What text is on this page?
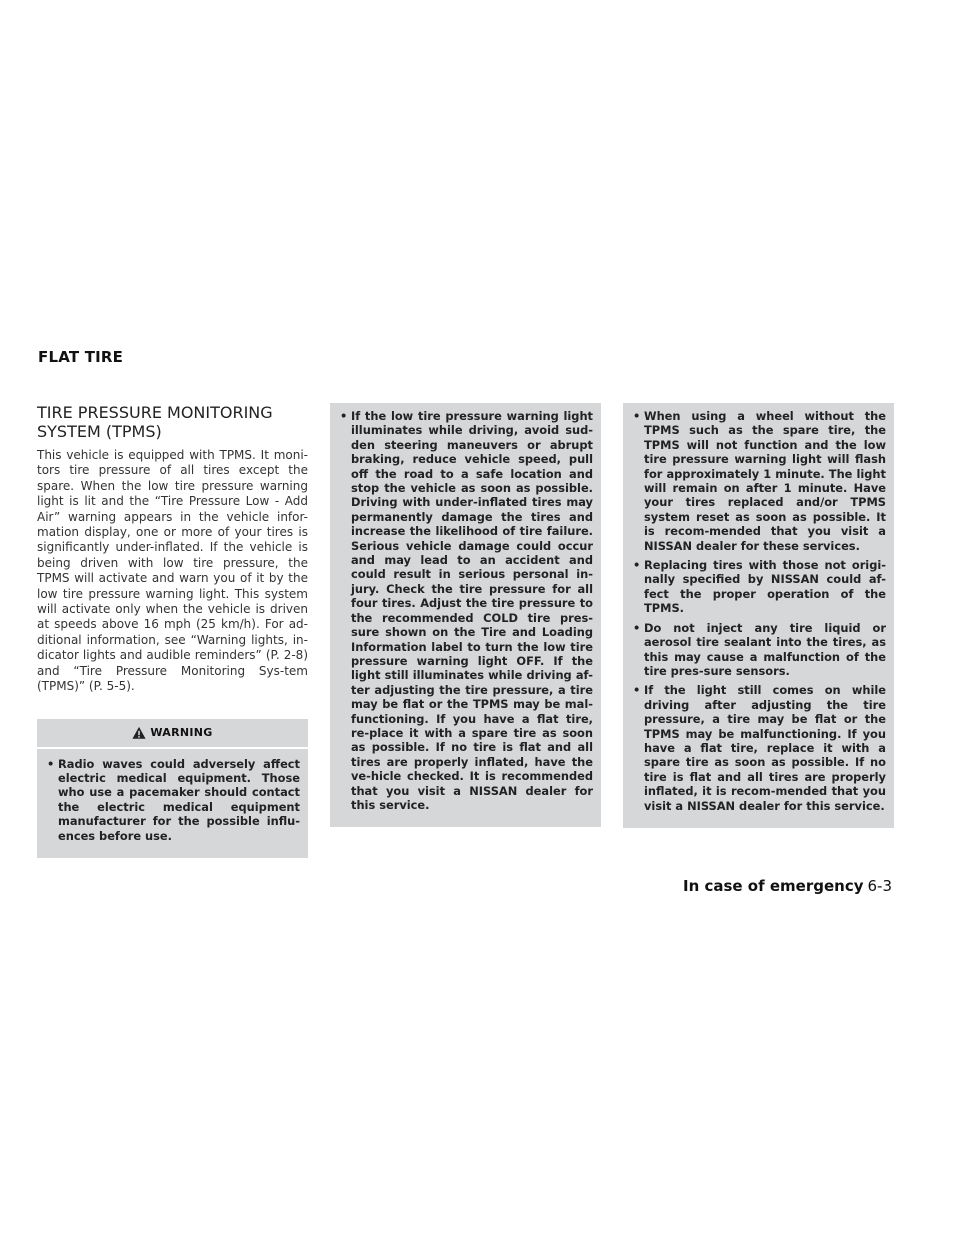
FLAT TIRE
TIRE PRESSURE MONITORING SYSTEM (TPMS)

This vehicle is equipped with TPMS. It moni-tors tire pressure of all tires except the spare. When the low tire pressure warning light is lit and the “Tire Pressure Low - Add Air” warning appears in the vehicle infor-mation display, one or more of your tires is significantly under-inflated. If the vehicle is being driven with low tire pressure, the TPMS will activate and warn you of it by the low tire pressure warning light. This system will activate only when the vehicle is driven at speeds above 16 mph (25 km/h). For ad-ditional information, see “Warning lights, in-dicator lights and audible reminders” (P. 2-8) and “Tire Pressure Monitoring Sys-tem (TPMS)” (P. 5-5).

WARNING
• Radio waves could adversely affect electric medical equipment. Those who use a pacemaker should contact the electric medical equipment manufacturer for the possible influ-ences before use.
• If the low tire pressure warning light illuminates while driving, avoid sud-den steering maneuvers or abrupt braking, reduce vehicle speed, pull off the road to a safe location and stop the vehicle as soon as possible. Driving with under-inflated tires may permanently damage the tires and increase the likelihood of tire failure. Serious vehicle damage could occur and may lead to an accident and could result in serious personal in-jury. Check the tire pressure for all four tires. Adjust the tire pressure to the recommended COLD tire pres-sure shown on the Tire and Loading Information label to turn the low tire pressure warning light OFF. If the light still illuminates while driving af-ter adjusting the tire pressure, a tire may be flat or the TPMS may be mal-functioning. If you have a flat tire, re-place it with a spare tire as soon as possible. If no tire is flat and all tires are properly inflated, have the ve-hicle checked. It is recommended that you visit a NISSAN dealer for this service.
• When using a wheel without the TPMS such as the spare tire, the TPMS will not function and the low tire pressure warning light will flash for approximately 1 minute. The light will remain on after 1 minute. Have your tires replaced and/or TPMS system reset as soon as possible. It is recom-mended that you visit a NISSAN dealer for these services.
• Replacing tires with those not origi-nally specified by NISSAN could af-fect the proper operation of the TPMS.
• Do not inject any tire liquid or aerosol tire sealant into the tires, as this may cause a malfunction of the tire pres-sure sensors.
• If the light still comes on while driving after adjusting the tire pressure, a tire may be flat or the TPMS may be malfunctioning. If you have a flat tire, replace it with a spare tire as soon as possible. If no tire is flat and all tires are properly inflated, it is recom-mended that you visit a NISSAN dealer for this service.
In case of emergency 6-3
